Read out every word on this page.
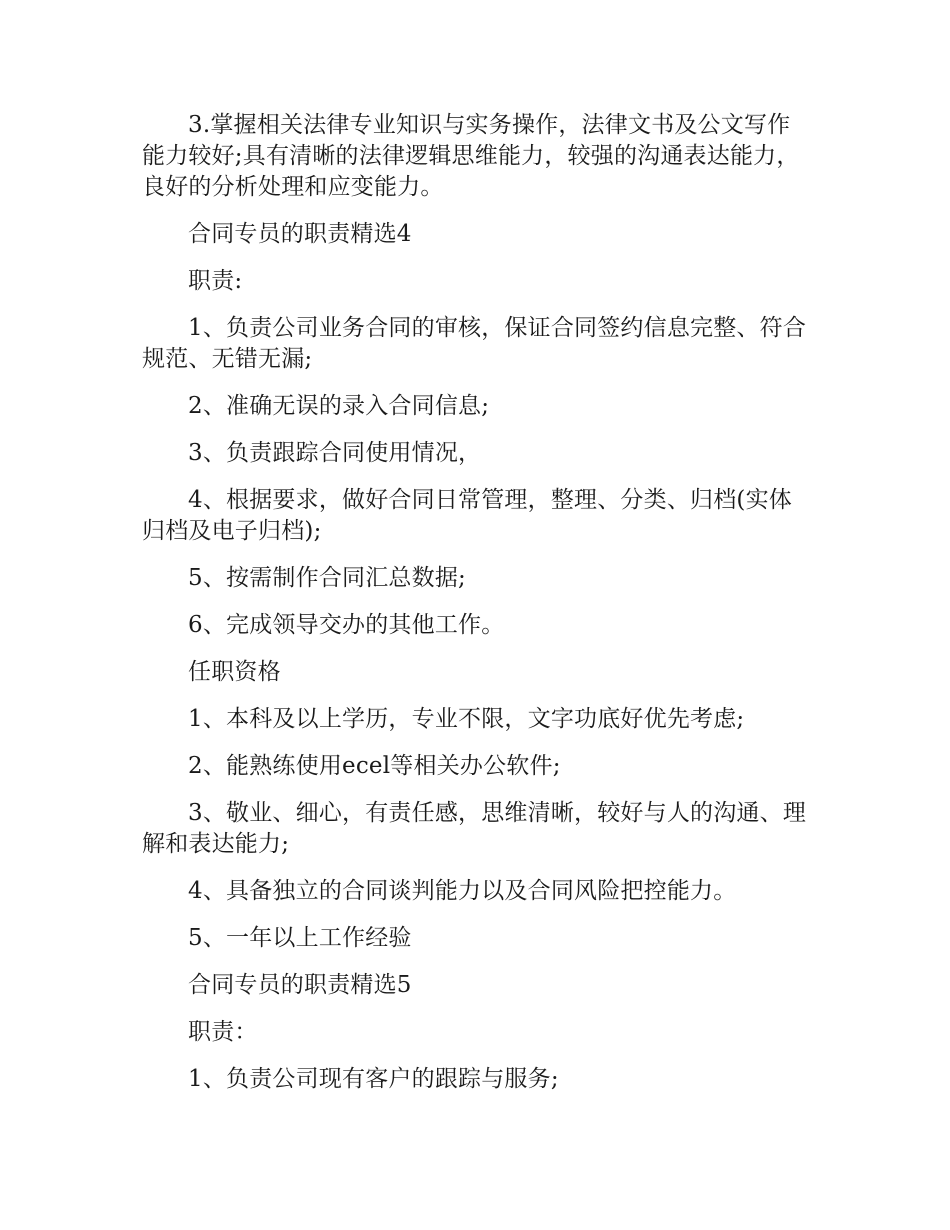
3.掌握相关法律专业知识与实务操作，法律文书及公文写作能力较好;具有清晰的法律逻辑思维能力，较强的沟通表达能力，良好的分析处理和应变能力。

合同专员的职责精选4

职责:

1、负责公司业务合同的审核，保证合同签约信息完整、符合规范、无错无漏;

2、准确无误的录入合同信息;

3、负责跟踪合同使用情况，

4、根据要求，做好合同日常管理，整理、分类、归档(实体归档及电子归档);

5、按需制作合同汇总数据;

6、完成领导交办的其他工作。

任职资格

1、本科及以上学历，专业不限，文字功底好优先考虑;

2、能熟练使用ecel等相关办公软件;

3、敬业、细心，有责任感，思维清晰，较好与人的沟通、理解和表达能力;

4、具备独立的合同谈判能力以及合同风险把控能力。

5、一年以上工作经验

合同专员的职责精选5

职责：

1、负责公司现有客户的跟踪与服务;
